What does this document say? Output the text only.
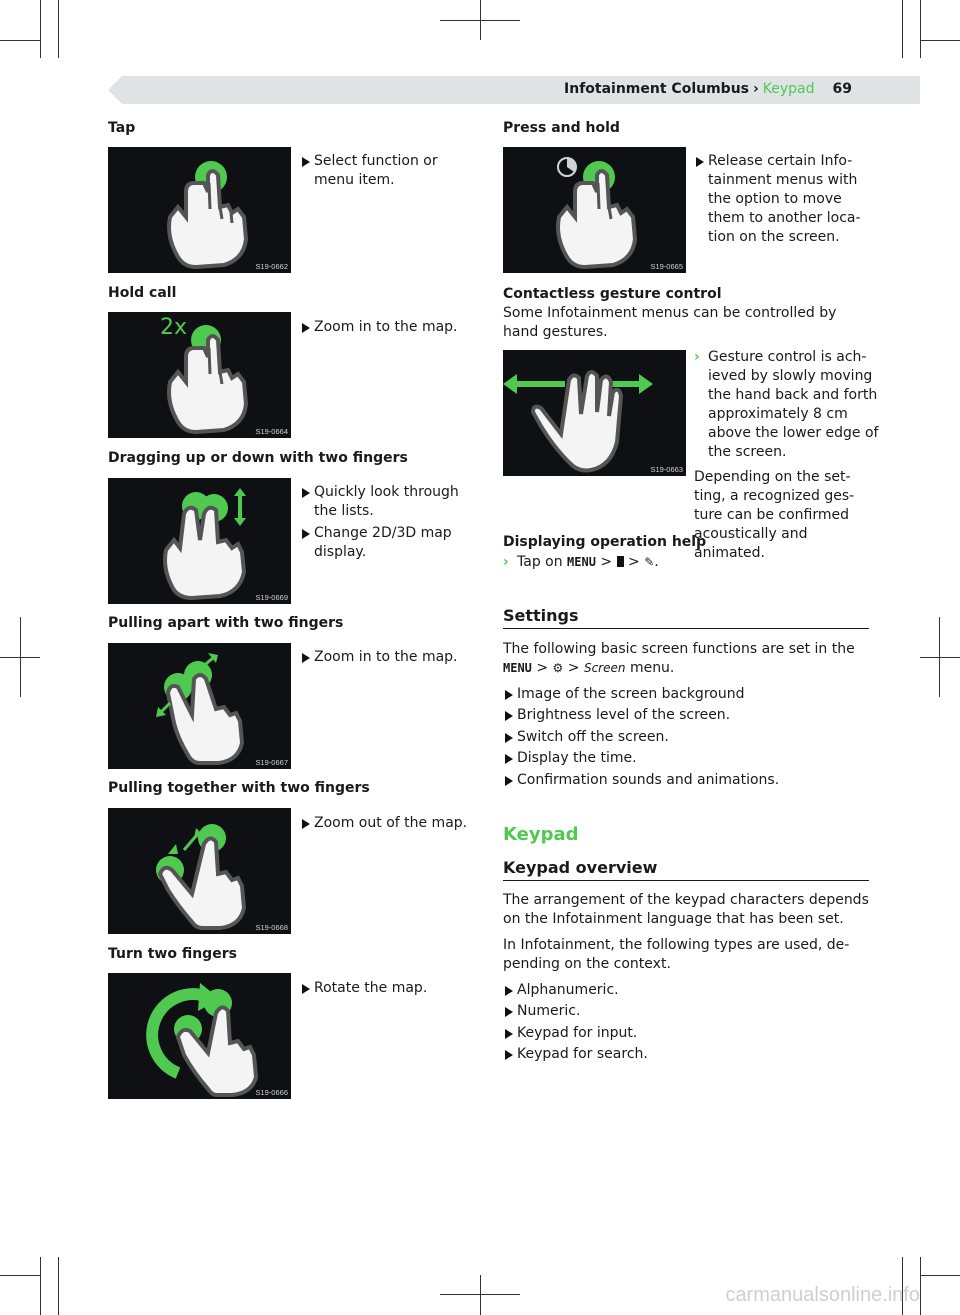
Infotainment Columbus › Keypad 69
Tap
S19-0662
Select function or menu item.
Hold call
2x
S19-0664
Zoom in to the map.
Dragging up or down with two fingers
S19-0669
Quickly look through the lists.
Change 2D/3D map display.
Pulling apart with two fingers
S19-0667
Zoom in to the map.
Pulling together with two fingers
S19-0668
Zoom out of the map.
Turn two fingers
S19-0666
Rotate the map.
Press and hold
S19-0665
Release certain Info- tainment menus with the option to move them to another loca- tion on the screen.
Contactless gesture control
Some Infotainment menus can be controlled by hand gestures.
S19-0663
› Gesture control is ach- ieved by slowly moving the hand back and forth approximately 8 cm above the lower edge of the screen.
Depending on the set- ting, a recognized ges- ture can be confirmed acoustically and animated.
Displaying operation help
› Tap on MENU > > ✎.
Settings
The following basic screen functions are set in the
MENU > ⚙ > Screen menu.
Image of the screen background
Brightness level of the screen.
Switch off the screen.
Display the time.
Confirmation sounds and animations.
Keypad
Keypad overview
The arrangement of the keypad characters depends on the Infotainment language that has been set.
In Infotainment, the following types are used, de- pending on the context.
Alphanumeric.
Numeric.
Keypad for input.
Keypad for search.
carmanualsonline.info
